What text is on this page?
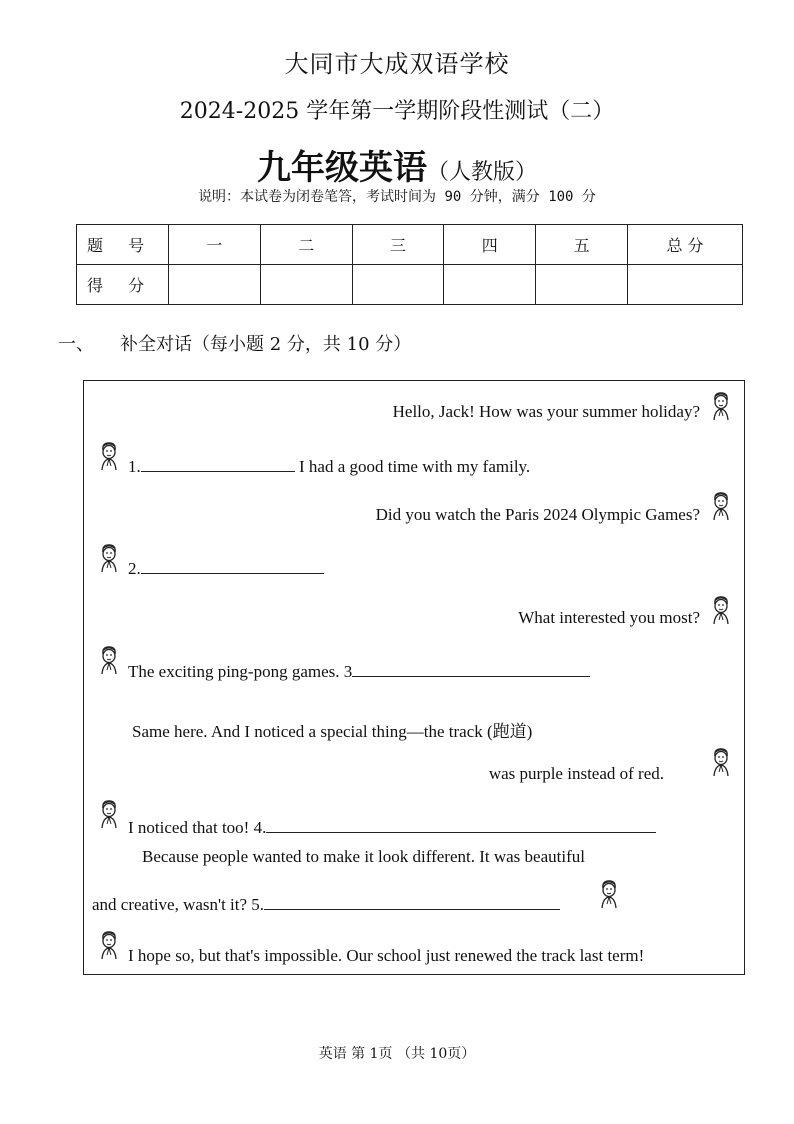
大同市大成双语学校
2024-2025 学年第一学期阶段性测试（二）
九年级英语（人教版）
说明：本试卷为闭卷笔答，考试时间为 90 分钟，满分 100 分
题 号	一	二	三	四	五	总 分
得 分						
一、 补全对话（每小题 2 分，共 10 分）
Hello, Jack! How was your summer holiday?
1.	I had a good time with my family.
Did you watch the Paris 2024 Olympic Games?
2.
What interested you most?
The exciting ping-pong games. 3
Same here. And I noticed a special thing—the track (跑道)
was purple instead of red.
I noticed that too! 4.
Because people wanted to make it look different. It was beautiful
and creative, wasn't it? 5.
I hope so, but that's impossible. Our school just renewed the track last term!
英语 第 1页 （共 10页）
